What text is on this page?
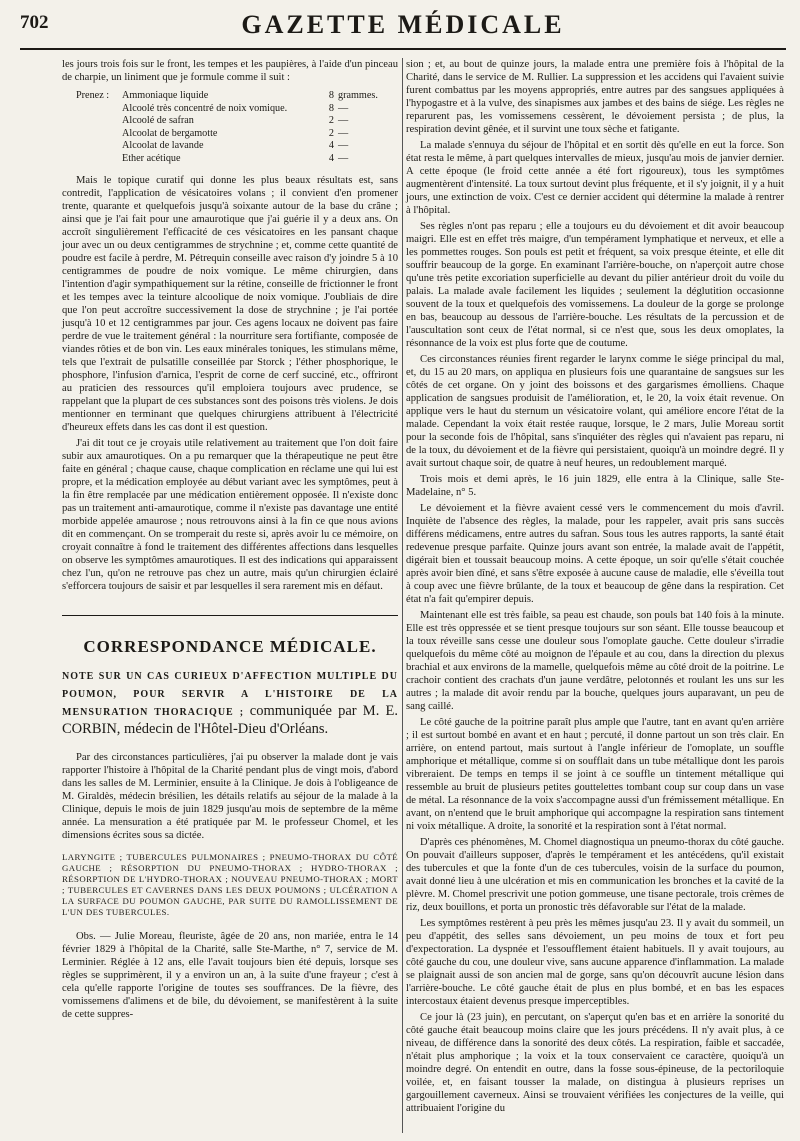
702	GAZETTE MÉDICALE

les jours trois fois sur le front, les tempes et les paupières, à l'aide d'un pinceau de charpie, un liniment que je formule comme il suit :

Prenez :	Ammoniaque liquide	8 grammes.
Alcoolé très concentré de noix vomique.	8 —
Alcoolé de safran	2 —
Alcoolat de bergamotte	2 —
Alcoolat de lavande	4 —
Ether acétique	4 —

Mais le topique curatif qui donne les plus beaux résultats est, sans contredit, l'application de vésicatoires volans ; il convient d'en promener trente, quarante et quelquefois jusqu'à soixante autour de la base du crâne ; ainsi que je l'ai fait pour une amaurotique que j'ai guérie il y a deux ans. On accroît singulièrement l'efficacité de ces vésicatoires en les pansant chaque jour avec un ou deux centigrammes de strychnine ; et, comme cette quantité de poudre est facile à perdre, M. Pétrequin conseille avec raison d'y joindre 5 à 10 centigrammes de poudre de noix vomique. Le même chirurgien, dans l'intention d'agir sympathiquement sur la rétine, conseille de frictionner le front et les tempes avec la teinture alcoolique de noix vomique. J'oubliais de dire que l'on peut accroître successivement la dose de strychnine ; je l'ai portée jusqu'à 10 et 12 centigrammes par jour. Ces agens locaux ne doivent pas faire perdre de vue le traitement général : la nourriture sera fortifiante, composée de viandes rôties et de bon vin. Les eaux minérales toniques, les stimulans même, tels que l'extrait de pulsatille conseillée par Storck ; l'éther phosphorique, le phosphore, l'infusion d'arnica, l'esprit de corne de cerf succiné, etc., offriront au praticien des ressources qu'il emploiera toujours avec prudence, se rappelant que la plupart de ces substances sont des poisons très violens. Je dois mentionner en terminant que quelques chirurgiens attribuent à l'électricité d'heureux effets dans les cas dont il est question.

J'ai dit tout ce je croyais utile relativement au traitement que l'on doit faire subir aux amaurotiques. On a pu remarquer que la thérapeutique ne peut être faite en général ; chaque cause, chaque complication en réclame une qui lui est propre, et la médication employée au début variant avec les symptômes, peut à la fin être remplacée par une médication entièrement opposée. Il n'existe donc pas un traitement anti-amaurotique, comme il n'existe pas davantage une entité morbide appelée amaurose ; nous retrouvons ainsi à la fin ce que nous avions dit en commençant. On se tromperait du reste si, après avoir lu ce mémoire, on croyait connaître à fond le traitement des différentes affections dans lesquelles on observe les symptômes amaurotiques. Il est des indications qui apparaissent chez l'un, qu'on ne retrouve pas chez un autre, mais qu'un chirurgien éclairé s'efforcera toujours de saisir et par lesquelles il sera rarement mis en défaut.

CORRESPONDANCE MÉDICALE.

NOTE SUR UN CAS CURIEUX D'AFFECTION MULTIPLE DU POUMON, POUR SERVIR A L'HISTOIRE DE LA MENSURATION THORACIQUE ; communiquée par M. E. CORBIN, médecin de l'Hôtel-Dieu d'Orléans.

Par des circonstances particulières, j'ai pu observer la malade dont je vais rapporter l'histoire à l'hôpital de la Charité pendant plus de vingt mois, d'abord dans les salles de M. Lerminier, ensuite à la Clinique. Je dois à l'obligeance de M. Giraldès, médecin brésilien, les détails relatifs au séjour de la malade à la Clinique, depuis le mois de juin 1829 jusqu'au mois de septembre de la même année. La mensuration a été pratiquée par M. le professeur Chomel, et les dimensions écrites sous sa dictée.

LARYNGITE ; TUBERCULES PULMONAIRES ; PNEUMO-THORAX DU CÔTÉ GAUCHE ; RÉSORPTION DU PNEUMO-THORAX ; HYDRO-THORAX ; RÉSORPTION DE L'HYDRO-THORAX ; NOUVEAU PNEUMO-THORAX ; MORT ; TUBERCULES ET CAVERNES DANS LES DEUX POUMONS ; ULCÉRATION A LA SURFACE DU POUMON GAUCHE, PAR SUITE DU RAMOLLISSEMENT DE L'UN DES TUBERCULES.

Obs. — Julie Moreau, fleuriste, âgée de 20 ans, non mariée, entra le 14 février 1829 à l'hôpital de la Charité, salle Ste-Marthe, n° 7, service de M. Lerminier. Réglée à 12 ans, elle l'avait toujours bien été depuis, lorsque ses règles se supprimèrent, il y a environ un an, à la suite d'une frayeur ; c'est à cela qu'elle rapporte l'origine de toutes ses souffrances. De la fièvre, des vomissemens d'alimens et de bile, du dévoiement, se manifestèrent à la suite de cette suppres-

sion ; et, au bout de quinze jours, la malade entra une première fois à l'hôpital de la Charité, dans le service de M. Rullier. La suppression et les accidens qui l'avaient suivie furent combattus par les moyens appropriés, entre autres par des sangsues appliquées à l'hypogastre et à la vulve, des sinapismes aux jambes et des bains de siége. Les règles ne reparurent pas, les vomissemens cessèrent, le dévoiement persista ; de plus, la respiration devint gênée, et il survint une toux sèche et fatigante.

La malade s'ennuya du séjour de l'hôpital et en sortit dès qu'elle en eut la force. Son état resta le même, à part quelques intervalles de mieux, jusqu'au mois de janvier dernier. A cette époque (le froid cette année a été fort rigoureux), tous les symptômes augmentèrent d'intensité. La toux surtout devint plus fréquente, et il s'y joignit, il y a huit jours, une extinction de voix. C'est ce dernier accident qui détermine la malade à rentrer à l'hôpital.

Ses règles n'ont pas reparu ; elle a toujours eu du dévoiement et dit avoir beaucoup maigri. Elle est en effet très maigre, d'un tempérament lymphatique et nerveux, et elle a les pommettes rouges. Son pouls est petit et fréquent, sa voix presque éteinte, et elle dit souffrir beaucoup de la gorge. En examinant l'arrière-bouche, on n'aperçoit autre chose qu'une très petite excoriation superficielle au devant du pilier antérieur droit du voile du palais. La malade avale facilement les liquides ; seulement la déglutition occasionne souvent de la toux et quelquefois des vomissemens. La douleur de la gorge se prolonge en bas, beaucoup au dessous de l'arrière-bouche. Les résultats de la percussion et de l'auscultation sont ceux de l'état normal, si ce n'est que, sous les deux omoplates, la résonnance de la voix est plus forte que de coutume.

Ces circonstances réunies firent regarder le larynx comme le siége principal du mal, et, du 15 au 20 mars, on appliqua en plusieurs fois une quarantaine de sangsues sur les côtés de cet organe. On y joint des boissons et des gargarismes émolliens. Chaque application de sangsues produisit de l'amélioration, et, le 20, la voix était revenue. On applique vers le haut du sternum un vésicatoire volant, qui améliore encore l'état de la malade. Cependant la voix était restée rauque, lorsque, le 2 mars, Julie Moreau sortit pour la seconde fois de l'hôpital, sans s'inquiéter des règles qui n'avaient pas reparu, ni de la toux, du dévoiement et de la fièvre qui persistaient, quoiqu'à un moindre degré. Il y avait surtout chaque soir, de quatre à neuf heures, un redoublement marqué.

Trois mois et demi après, le 16 juin 1829, elle entra à la Clinique, salle Ste-Madelaine, n° 5.

Le dévoiement et la fièvre avaient cessé vers le commencement du mois d'avril. Inquiète de l'absence des règles, la malade, pour les rappeler, avait pris sans succès différens médicamens, entre autres du safran. Sous tous les autres rapports, la santé était redevenue presque parfaite. Quinze jours avant son entrée, la malade avait de l'appétit, digérait bien et toussait beaucoup moins. A cette époque, un soir qu'elle s'était couchée après avoir bien dîné, et sans s'être exposée à aucune cause de maladie, elle s'éveilla tout à coup avec une fièvre brûlante, de la toux et beaucoup de gêne dans la respiration. Cet état n'a fait qu'empirer depuis.

Maintenant elle est très faible, sa peau est chaude, son pouls bat 140 fois à la minute. Elle est très oppressée et se tient presque toujours sur son séant. Elle tousse beaucoup et la toux réveille sans cesse une douleur sous l'omoplate gauche. Cette douleur s'irradie quelquefois du même côté au moignon de l'épaule et au cou, dans la direction du plexus brachial et aux environs de la mamelle, quelquefois même au côté droit de la poitrine. Le crachoir contient des crachats d'un jaune verdâtre, pelotonnés et roulant les uns sur les autres ; la malade dit avoir rendu par la bouche, quelques jours auparavant, un peu de sang caillé.

Le côté gauche de la poitrine paraît plus ample que l'autre, tant en avant qu'en arrière ; il est surtout bombé en avant et en haut ; percuté, il donne partout un son très clair. En arrière, on entend partout, mais surtout à l'angle inférieur de l'omoplate, un souffle amphorique et métallique, comme si on soufflait dans un tube métallique dont les parois vibreraient. De temps en temps il se joint à ce souffle un tintement métallique qui ressemble au bruit de plusieurs petites gouttelettes tombant coup sur coup dans un vase de métal. La résonnance de la voix s'accompagne aussi d'un frémissement métallique. En avant, on n'entend que le bruit amphorique qui accompagne la respiration sans tintement ni voix métallique. A droite, la sonorité et la respiration sont à l'état normal.

D'après ces phénomènes, M. Chomel diagnostiqua un pneumo-thorax du côté gauche. On pouvait d'ailleurs supposer, d'après le tempérament et les antécédens, qu'il existait des tubercules et que la fonte d'un de ces tubercules, voisin de la surface du poumon, avait donné lieu à une ulcération et mis en communication les bronches et la cavité de la plèvre. M. Chomel prescrivit une potion gommeuse, une tisane pectorale, trois crèmes de riz, deux bouillons, et porta un pronostic très défavorable sur l'état de la malade.

Les symptômes restèrent à peu près les mêmes jusqu'au 23. Il y avait du sommeil, un peu d'appétit, des selles sans dévoiement, un peu moins de toux et fort peu d'expectoration. La dyspnée et l'essoufflement étaient habituels. Il y avait toujours, au côté gauche du cou, une douleur vive, sans aucune apparence d'inflammation. La malade se plaignait aussi de son ancien mal de gorge, sans qu'on découvrît aucune lésion dans l'arrière-bouche. Le côté gauche était de plus en plus bombé, et en bas les espaces intercostaux étaient devenus presque imperceptibles.

Ce jour là (23 juin), en percutant, on s'aperçut qu'en bas et en arrière la sonorité du côté gauche était beaucoup moins claire que les jours précédens. Il n'y avait plus, à ce niveau, de différence dans la sonorité des deux côtés. La respiration, faible et saccadée, n'était plus amphorique ; la voix et la toux conservaient ce caractère, quoiqu'à un moindre degré. On entendit en outre, dans la fosse sous-épineuse, de la pectoriloquie voilée, et, en faisant tousser la malade, on distingua à plusieurs reprises un gargouillement caverneux. Ainsi se trouvaient vérifiées les conjectures de la veille, qui attribuaient l'origine du
